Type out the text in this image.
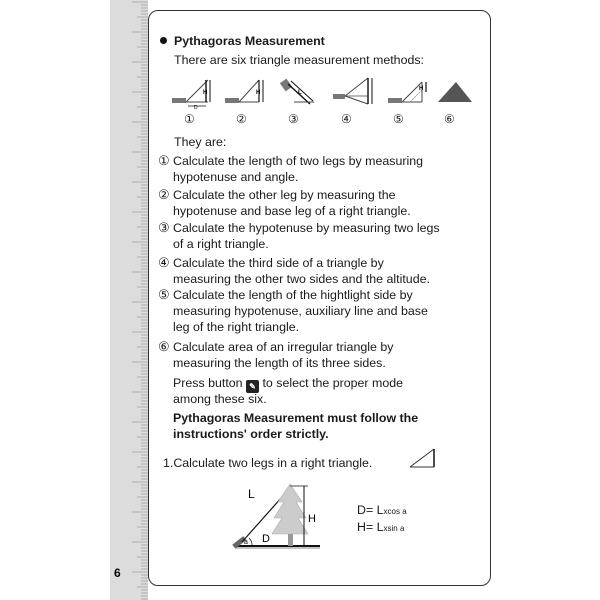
6
Pythagoras Measurement
There are six triangle measurement methods:
H
D
H	L
H
①	②	③	④	⑤	⑥
They are:
① Calculate the length of two legs by measuring
hypotenuse and angle.
② Calculate the other leg by measuring the
hypotenuse and base leg of a right triangle.
③ Calculate the hypotenuse by measuring two legs
of a right triangle.
④ Calculate the third side of a triangle by
measuring the other two sides and the altitude.
⑤ Calculate the length of the hightlight side by
measuring hypotenuse, auxiliary line and base
leg of the right triangle.
⑥ Calculate area of an irregular triangle by
measuring the length of its three sides.
Press button ✎ to select the proper mode
among these six.
Pythagoras Measurement must follow the
instructions' order strictly.
1.Calculate two legs in a right triangle.
L
H
D
a
D= Lxcos a
H= Lxsin a
